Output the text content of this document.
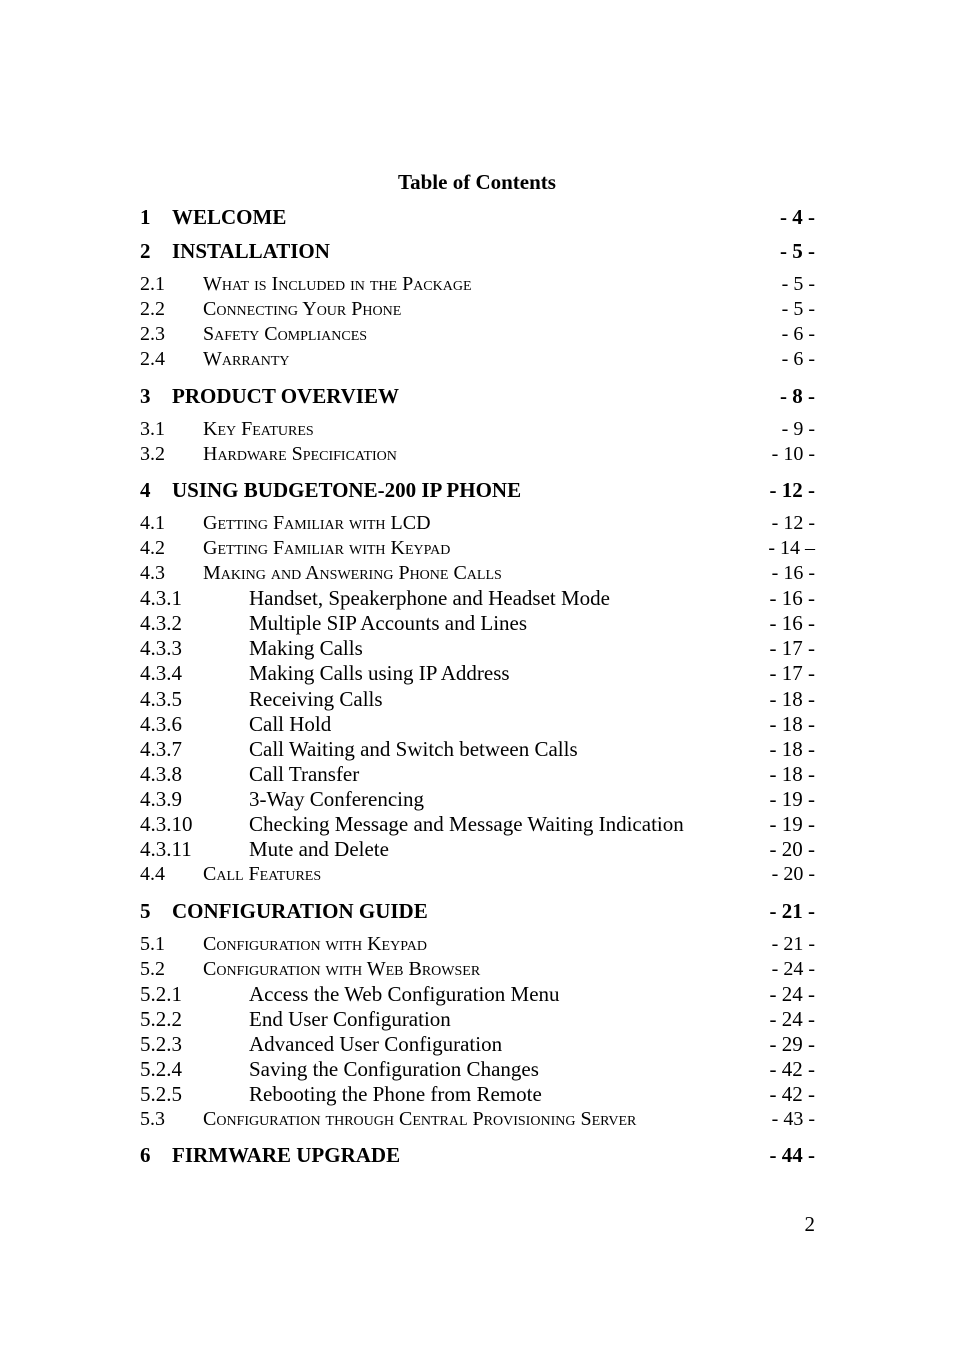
Table of Contents
1 WELCOME	- 4 -
2 INSTALLATION	- 5 -
2.1 What is Included in the Package	- 5 -
2.2 Connecting Your Phone	- 5 -
2.3 Safety Compliances	- 6 -
2.4 Warranty	- 6 -
3 PRODUCT OVERVIEW	- 8 -
3.1 Key Features	- 9 -
3.2 Hardware Specification	- 10 -
4 USING BUDGETONE-200 IP PHONE	- 12 -
4.1 Getting Familiar with LCD	- 12 -
4.2 Getting Familiar with Keypad	- 14 –
4.3 Making and Answering Phone Calls	- 16 -
4.3.1	Handset, Speakerphone and Headset Mode	- 16 -
4.3.2	Multiple SIP Accounts and Lines	- 16 -
4.3.3	Making Calls	- 17 -
4.3.4	Making Calls using IP Address	- 17 -
4.3.5	Receiving Calls	- 18 -
4.3.6	Call Hold	- 18 -
4.3.7	Call Waiting and Switch between Calls	- 18 -
4.3.8	Call Transfer	- 18 -
4.3.9	3-Way Conferencing	- 19 -
4.3.10	Checking Message and Message Waiting Indication	- 19 -
4.3.11	Mute and Delete	- 20 -
4.4 Call Features	- 20 -
5 CONFIGURATION GUIDE	- 21 -
5.1 Configuration with Keypad	- 21 -
5.2 Configuration with Web Browser	- 24 -
5.2.1	Access the Web Configuration Menu	- 24 -
5.2.2	End User Configuration	- 24 -
5.2.3	Advanced User Configuration	- 29 -
5.2.4	Saving the Configuration Changes	- 42 -
5.2.5	Rebooting the Phone from Remote	- 42 -
5.3 Configuration through Central Provisioning Server	- 43 -
6 FIRMWARE UPGRADE	- 44 -
2
